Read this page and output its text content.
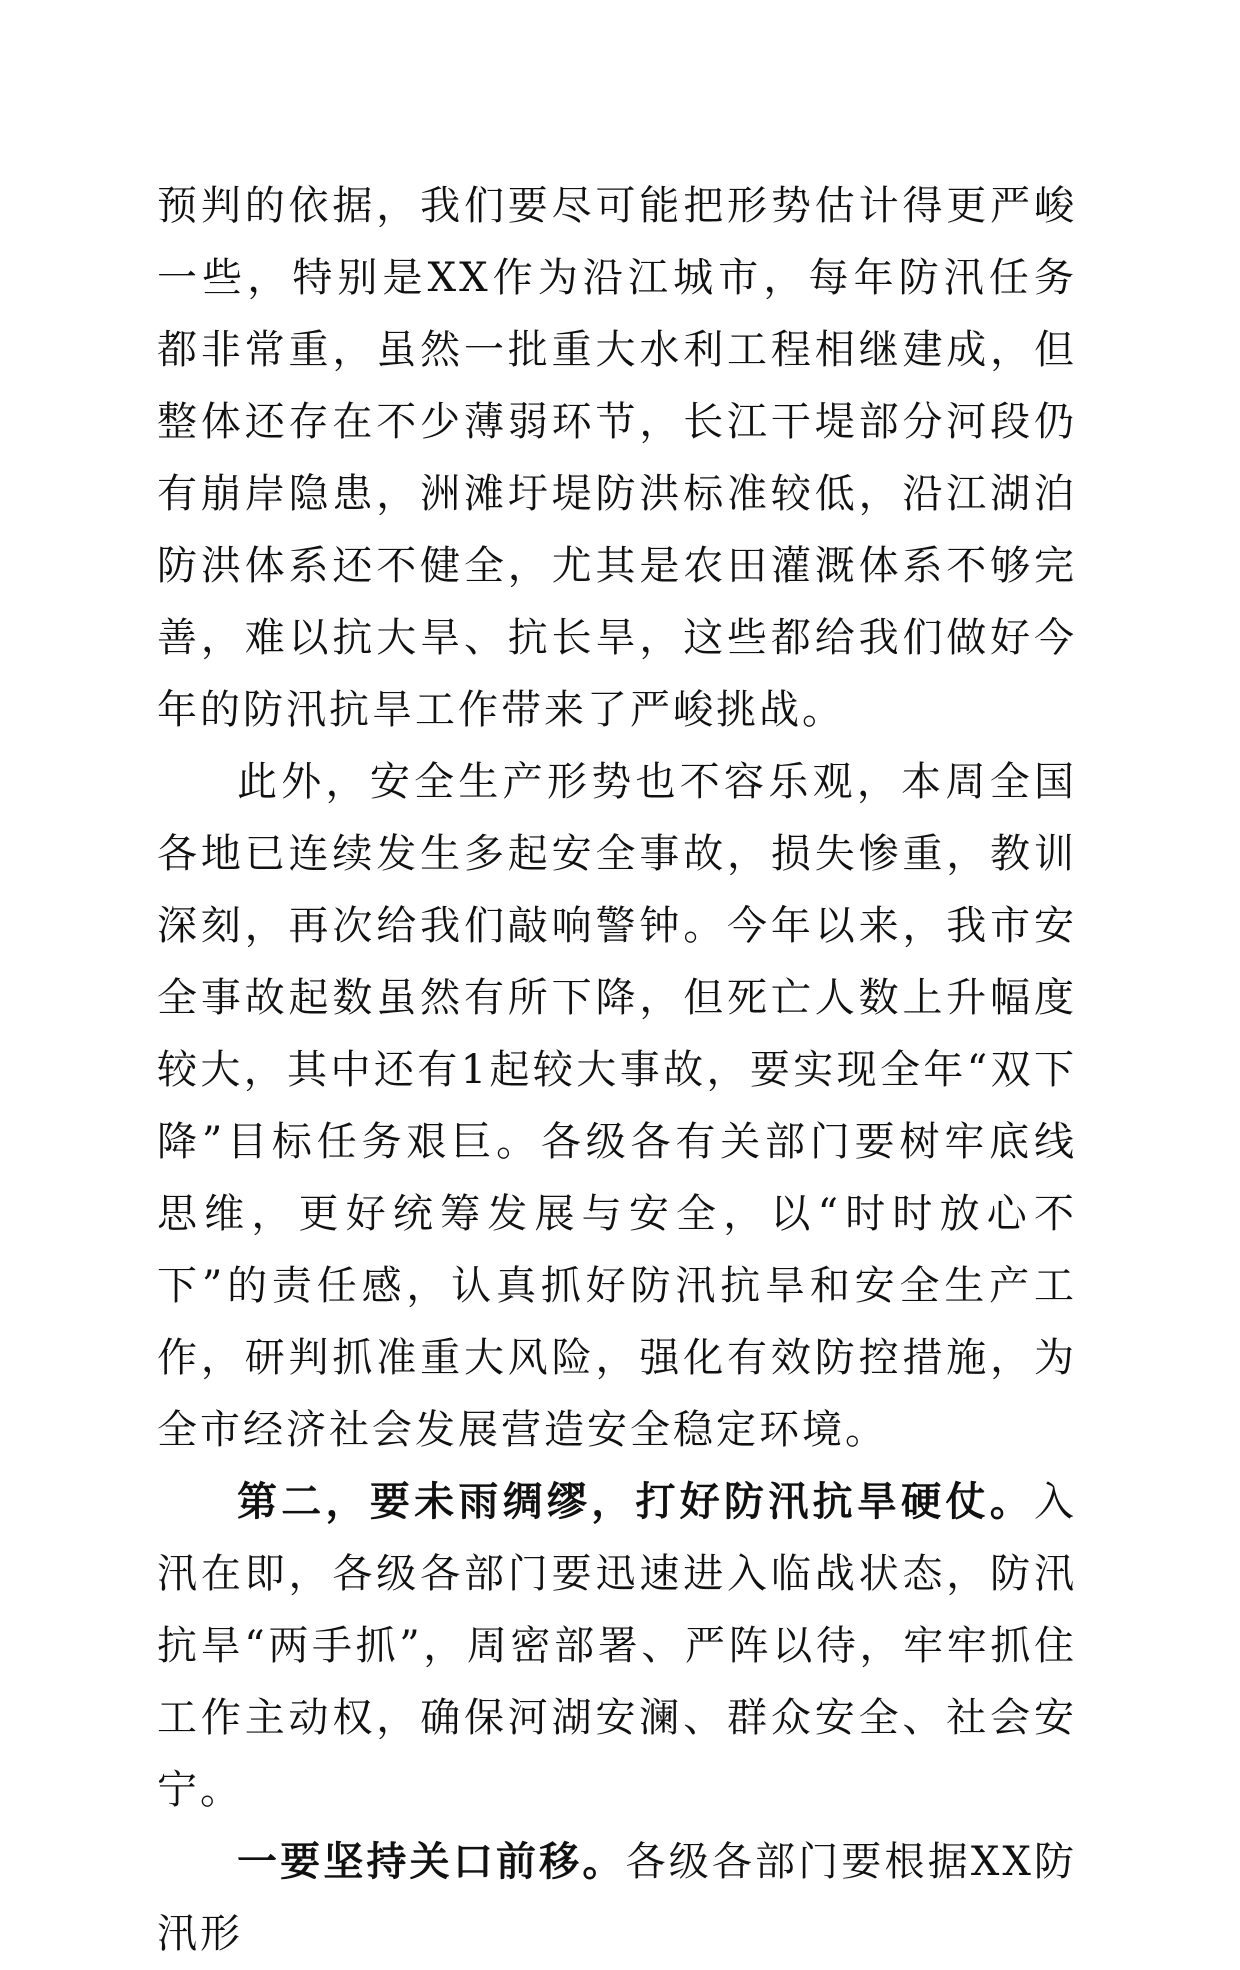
预判的依据，我们要尽可能把形势估计得更严峻一些，特别是XX作为沿江城市，每年防汛任务都非常重，虽然一批重大水利工程相继建成，但整体还存在不少薄弱环节，长江干堤部分河段仍有崩岸隐患，洲滩圩堤防洪标准较低，沿江湖泊防洪体系还不健全，尤其是农田灌溉体系不够完善，难以抗大旱、抗长旱，这些都给我们做好今年的防汛抗旱工作带来了严峻挑战。

此外，安全生产形势也不容乐观，本周全国各地已连续发生多起安全事故，损失惨重，教训深刻，再次给我们敲响警钟。今年以来，我市安全事故起数虽然有所下降，但死亡人数上升幅度较大，其中还有1起较大事故，要实现全年“双下降”目标任务艰巨。各级各有关部门要树牢底线思维，更好统筹发展与安全，以“时时放心不下”的责任感，认真抓好防汛抗旱和安全生产工作，研判抓准重大风险，强化有效防控措施，为全市经济社会发展营造安全稳定环境。

第二，要未雨绸缪，打好防汛抗旱硬仗。入汛在即，各级各部门要迅速进入临战状态，防汛抗旱“两手抓”，周密部署、严阵以待，牢牢抓住工作主动权，确保河湖安澜、群众安全、社会安宁。

一要坚持关口前移。各级各部门要根据XX防汛形
